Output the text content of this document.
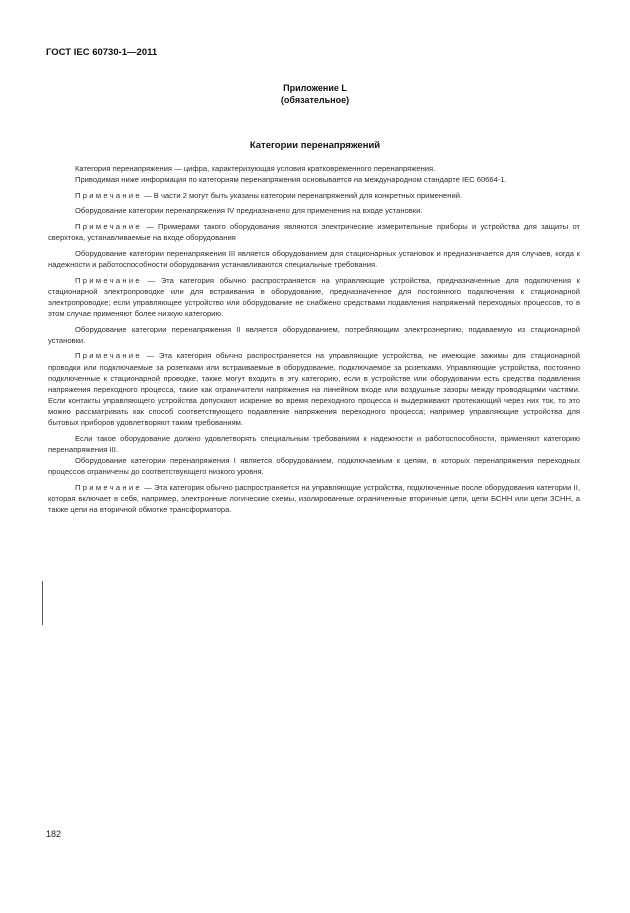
ГОСТ IEC 60730-1—2011
Приложение L
(обязательное)
Категории перенапряжений

Категория перенапряжения — цифра, характеризующая условия кратковременного перенапряжения.

Приводимая ниже информация по категориям перенапряжения основывается на международном стандарте IEC 60664-1.

Примечание — В части 2 могут быть указаны категории перенапряжений для конкретных применений.

Оборудование категории перенапряжения IV предназначено для применения на входе установки.

Примечание — Примерами такого оборудования являются электрические измерительные приборы и устройства для защиты от сверхтока, устанавливаемые на входе оборудования

Оборудование категории перенапряжения III является оборудованием для стационарных установок и предназначается для случаев, когда к надежности и работоспособности оборудования устанавливаются специальные требования.

Примечание — Эта категория обычно распространяется на управляющие устройства, предназначенные для подключения к стационарной электропроводке или для встраивания в оборудование, предназначенное для постоянного подключения к стационарной электропроводке; если управляющее устройство или оборудование не снабжено средствами подавления напряжений переходных процессов, то в этом случае применяют более низкую категорию.

Оборудование категории перенапряжения II является оборудованием, потребляющим электроэнергию, подаваемую из стационарной установки.

Примечание — Эта категория обычно распространяется на управляющие устройства, не имеющие зажимы для стационарной проводки или подключаемые за розетками или встраиваемые в оборудование, подключаемое за розетками. Управляющие устройства, постоянно подключенные к стационарной проводке, также могут входить в эту категорию, если в устройстве или оборудовании есть средства подавления напряжения переходного процесса, такие как ограничители напряжения на линейном входе или воздушные зазоры между проводящими частями. Если контакты управляющего устройства допускают искрение во время переходного процесса и выдерживают протекающий через них ток, то это можно рассматривать как способ соответствующего подавление напряжения переходного процесса; например управляющие устройства для бытовых приборов удовлетворяют таким требованиям.

Если такое оборудование должно удовлетворять специальным требованиям к надежности и работоспособности, применяют категорию перенапряжения III.

Оборудование категории перенапряжения I является оборудованием, подключаемым к цепям, в которых перенапряжения переходных процессов ограничены до соответствующего низкого уровня.

Примечание — Эта категория обычно распространяется на управляющие устройства, подключенные после оборудования категории II, которая включает в себя, например, электронные логические схемы, изолированные ограниченные вторичные цепи, цепи БСНН или цепи ЗСНН, а также цепи на вторичной обмотке трансформатора.

182
